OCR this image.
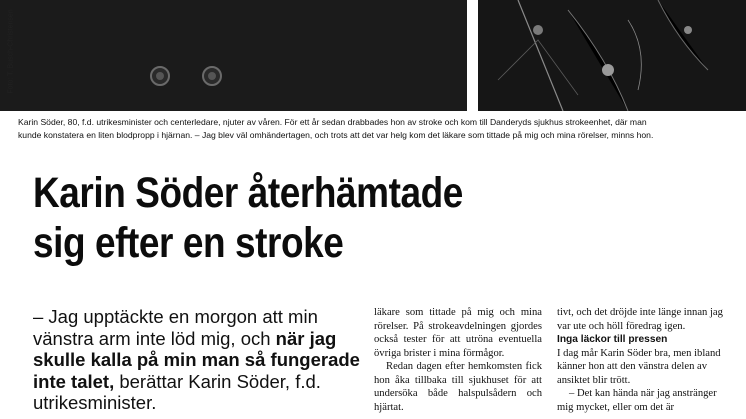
Foto: T. Busch-Christensen
Karin Söder, 80, f.d. utrikesminister och centerledare, njuter av våren. För ett år sedan drabbades hon av stroke och kom till Danderyds sjukhus strokeenhet, där man
kunde konstatera en liten blodpropp i hjärnan. – Jag blev väl omhändertagen, och trots att det var helg kom det läkare som tittade på mig och mina rörelser, minns hon.
Karin Söder återhämtade
sig efter en stroke
– Jag upptäckte en morgon att min vänstra arm inte löd mig, och när jag skulle kalla på min man så fungerade inte talet, berättar Karin Söder, f.d. utrikesminister.

läkare som tittade på mig och mina rörelser. På strokeavdelningen gjordes också tester för att utröna eventuella övriga brister i mina förmågor.

Redan dagen efter hemkomsten fick hon åka tillbaka till sjukhuset för att undersöka både halspulsådern och hjärtat.

tivt, och det dröjde inte länge innan jag var ute och höll föredrag igen.

Inga läckor till pressen

I dag mår Karin Söder bra, men ibland känner hon att den vänstra delen av ansiktet blir trött.

– Det kan hända när jag anstränger mig mycket, eller om det är
